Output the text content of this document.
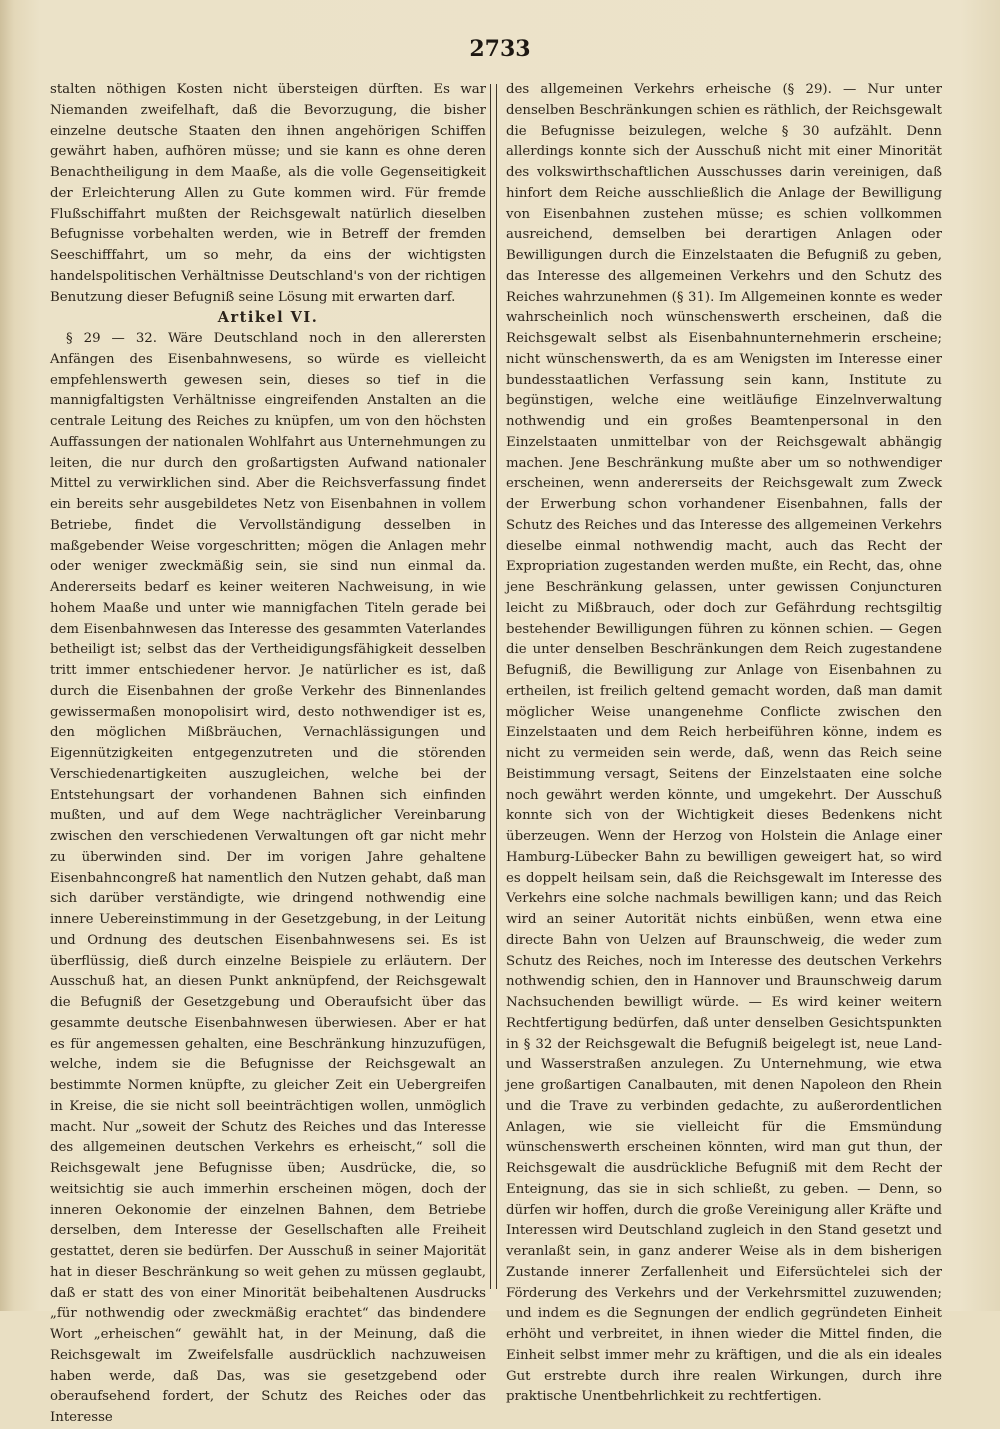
2733

stalten nöthigen Kosten nicht übersteigen dürften. Es war Niemanden zweifelhaft, daß die Bevorzugung, die bisher einzelne deutsche Staaten den ihnen angehörigen Schiffen gewährt haben, aufhören müsse; und sie kann es ohne deren Benachtheiligung in dem Maaße, als die volle Gegenseitigkeit der Erleichterung Allen zu Gute kommen wird. Für fremde Flußschiffahrt mußten der Reichsgewalt natürlich dieselben Befugnisse vorbehalten werden, wie in Betreff der fremden Seeschifffahrt, um so mehr, da eins der wichtigsten handelspolitischen Verhältnisse Deutschland's von der richtigen Benutzung dieser Befugniß seine Lösung mit erwarten darf.

Artikel VI.

§ 29 — 32. Wäre Deutschland noch in den allerersten Anfängen des Eisenbahnwesens, so würde es vielleicht empfehlenswerth gewesen sein, dieses so tief in die mannigfaltigsten Verhältnisse eingreifenden Anstalten an die centrale Leitung des Reiches zu knüpfen, um von den höchsten Auffassungen der nationalen Wohlfahrt aus Unternehmungen zu leiten, die nur durch den großartigsten Aufwand nationaler Mittel zu verwirklichen sind. Aber die Reichsverfassung findet ein bereits sehr ausgebildetes Netz von Eisenbahnen in vollem Betriebe, findet die Vervollständigung desselben in maßgebender Weise vorgeschritten; mögen die Anlagen mehr oder weniger zweckmäßig sein, sie sind nun einmal da. Andererseits bedarf es keiner weiteren Nachweisung, in wie hohem Maaße und unter wie mannigfachen Titeln gerade bei dem Eisenbahnwesen das Interesse des gesammten Vaterlandes betheiligt ist; selbst das der Vertheidigungsfähigkeit desselben tritt immer entschiedener hervor. Je natürlicher es ist, daß durch die Eisenbahnen der große Verkehr des Binnenlandes gewissermaßen monopolisirt wird, desto nothwendiger ist es, den möglichen Mißbräuchen, Vernachlässigungen und Eigennützigkeiten entgegenzutreten und die störenden Verschiedenartigkeiten auszugleichen, welche bei der Entstehungsart der vorhandenen Bahnen sich einfinden mußten, und auf dem Wege nachträglicher Vereinbarung zwischen den verschiedenen Verwaltungen oft gar nicht mehr zu überwinden sind. Der im vorigen Jahre gehaltene Eisenbahncongreß hat namentlich den Nutzen gehabt, daß man sich darüber verständigte, wie dringend nothwendig eine innere Uebereinstimmung in der Gesetzgebung, in der Leitung und Ordnung des deutschen Eisenbahnwesens sei. Es ist überflüssig, dieß durch einzelne Beispiele zu erläutern. Der Ausschuß hat, an diesen Punkt anknüpfend, der Reichsgewalt die Befugniß der Gesetzgebung und Oberaufsicht über das gesammte deutsche Eisenbahnwesen überwiesen. Aber er hat es für angemessen gehalten, eine Beschränkung hinzuzufügen, welche, indem sie die Befugnisse der Reichsgewalt an bestimmte Normen knüpfte, zu gleicher Zeit ein Uebergreifen in Kreise, die sie nicht soll beeinträchtigen wollen, unmöglich macht. Nur „soweit der Schutz des Reiches und das Interesse des allgemeinen deutschen Verkehrs es erheischt,“ soll die Reichsgewalt jene Befugnisse üben; Ausdrücke, die, so weitsichtig sie auch immerhin erscheinen mögen, doch der inneren Oekonomie der einzelnen Bahnen, dem Betriebe derselben, dem Interesse der Gesellschaften alle Freiheit gestattet, deren sie bedürfen. Der Ausschuß in seiner Majorität hat in dieser Beschränkung so weit gehen zu müssen geglaubt, daß er statt des von einer Minorität beibehaltenen Ausdrucks „für nothwendig oder zweckmäßig erachtet“ das bindendere Wort „erheischen“ gewählt hat, in der Meinung, daß die Reichsgewalt im Zweifelsfalle ausdrücklich nachzuweisen haben werde, daß Das, was sie gesetzgebend oder oberaufsehend fordert, der Schutz des Reiches oder das Interesse

des allgemeinen Verkehrs erheische (§ 29). — Nur unter denselben Beschränkungen schien es räthlich, der Reichsgewalt die Befugnisse beizulegen, welche § 30 aufzählt. Denn allerdings konnte sich der Ausschuß nicht mit einer Minorität des volkswirthschaftlichen Ausschusses darin vereinigen, daß hinfort dem Reiche ausschließlich die Anlage der Bewilligung von Eisenbahnen zustehen müsse; es schien vollkommen ausreichend, demselben bei derartigen Anlagen oder Bewilligungen durch die Einzelstaaten die Befugniß zu geben, das Interesse des allgemeinen Verkehrs und den Schutz des Reiches wahrzunehmen (§ 31). Im Allgemeinen konnte es weder wahrscheinlich noch wünschenswerth erscheinen, daß die Reichsgewalt selbst als Eisenbahnunternehmerin erscheine; nicht wünschenswerth, da es am Wenigsten im Interesse einer bundesstaatlichen Verfassung sein kann, Institute zu begünstigen, welche eine weitläufige Einzelnverwaltung nothwendig und ein großes Beamtenpersonal in den Einzelstaaten unmittelbar von der Reichsgewalt abhängig machen. Jene Beschränkung mußte aber um so nothwendiger erscheinen, wenn andererseits der Reichsgewalt zum Zweck der Erwerbung schon vorhandener Eisenbahnen, falls der Schutz des Reiches und das Interesse des allgemeinen Verkehrs dieselbe einmal nothwendig macht, auch das Recht der Expropriation zugestanden werden mußte, ein Recht, das, ohne jene Beschränkung gelassen, unter gewissen Conjuncturen leicht zu Mißbrauch, oder doch zur Gefährdung rechtsgiltig bestehender Bewilligungen führen zu können schien. — Gegen die unter denselben Beschränkungen dem Reich zugestandene Befugniß, die Bewilligung zur Anlage von Eisenbahnen zu ertheilen, ist freilich geltend gemacht worden, daß man damit möglicher Weise unangenehme Conflicte zwischen den Einzelstaaten und dem Reich herbeiführen könne, indem es nicht zu vermeiden sein werde, daß, wenn das Reich seine Beistimmung versagt, Seitens der Einzelstaaten eine solche noch gewährt werden könnte, und umgekehrt. Der Ausschuß konnte sich von der Wichtigkeit dieses Bedenkens nicht überzeugen. Wenn der Herzog von Holstein die Anlage einer Hamburg-Lübecker Bahn zu bewilligen geweigert hat, so wird es doppelt heilsam sein, daß die Reichsgewalt im Interesse des Verkehrs eine solche nachmals bewilligen kann; und das Reich wird an seiner Autorität nichts einbüßen, wenn etwa eine directe Bahn von Uelzen auf Braunschweig, die weder zum Schutz des Reiches, noch im Interesse des deutschen Verkehrs nothwendig schien, den in Hannover und Braunschweig darum Nachsuchenden bewilligt würde. — Es wird keiner weitern Rechtfertigung bedürfen, daß unter denselben Gesichtspunkten in § 32 der Reichsgewalt die Befugniß beigelegt ist, neue Land- und Wasserstraßen anzulegen. Zu Unternehmung, wie etwa jene großartigen Canalbauten, mit denen Napoleon den Rhein und die Trave zu verbinden gedachte, zu außerordentlichen Anlagen, wie sie vielleicht für die Emsmündung wünschenswerth erscheinen könnten, wird man gut thun, der Reichsgewalt die ausdrückliche Befugniß mit dem Recht der Enteignung, das sie in sich schließt, zu geben. — Denn, so dürfen wir hoffen, durch die große Vereinigung aller Kräfte und Interessen wird Deutschland zugleich in den Stand gesetzt und veranlaßt sein, in ganz anderer Weise als in dem bisherigen Zustande innerer Zerfallenheit und Eifersüchtelei sich der Förderung des Verkehrs und der Verkehrsmittel zuzuwenden; und indem es die Segnungen der endlich gegründeten Einheit erhöht und verbreitet, in ihnen wieder die Mittel finden, die Einheit selbst immer mehr zu kräftigen, und die als ein ideales Gut erstrebte durch ihre realen Wirkungen, durch ihre praktische Unentbehrlichkeit zu rechtfertigen.
